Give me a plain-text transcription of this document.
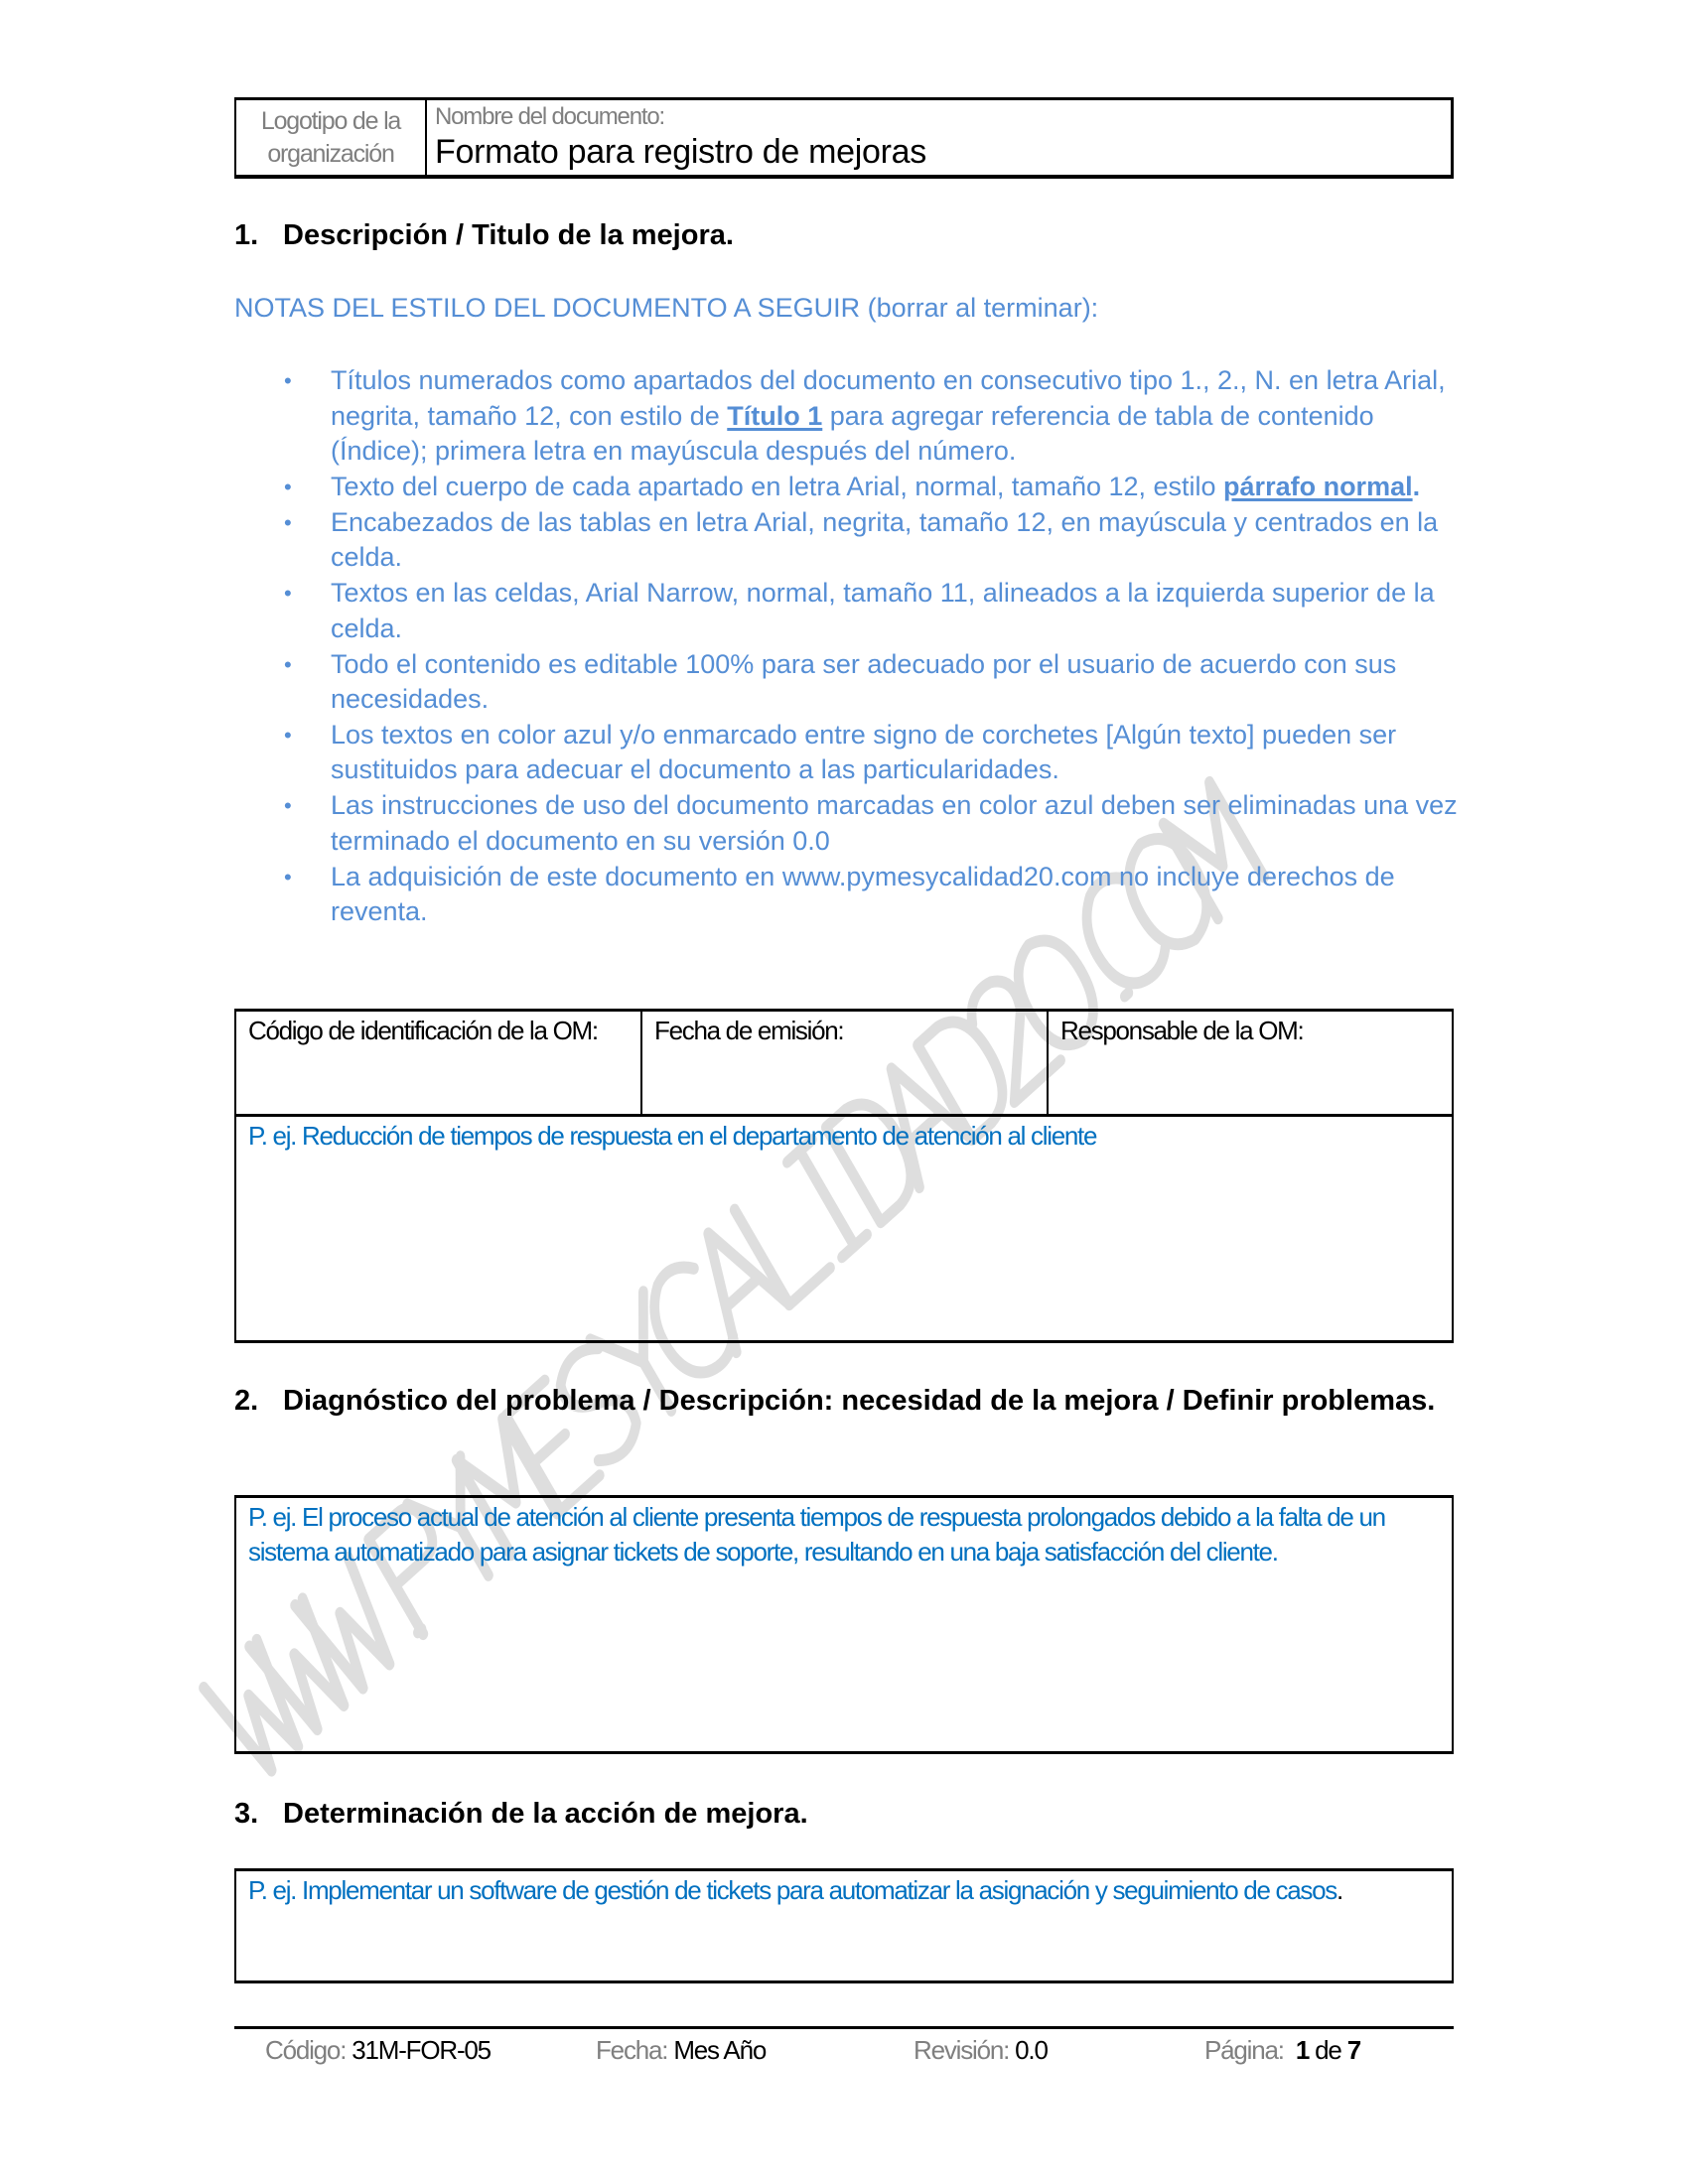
Logotipo de la
organización
Nombre del documento:
Formato para registro de mejoras
1. Descripción / Titulo de la mejora.
NOTAS DEL ESTILO DEL DOCUMENTO A SEGUIR (borrar al terminar):
• Títulos numerados como apartados del documento en consecutivo tipo 1., 2., N. en letra Arial, negrita, tamaño 12, con estilo de Título 1 para agregar referencia de tabla de contenido (Índice); primera letra en mayúscula después del número.
• Texto del cuerpo de cada apartado en letra Arial, normal, tamaño 12, estilo párrafo normal.
• Encabezados de las tablas en letra Arial, negrita, tamaño 12, en mayúscula y centrados en la celda.
• Textos en las celdas, Arial Narrow, normal, tamaño 11, alineados a la izquierda superior de la celda.
• Todo el contenido es editable 100% para ser adecuado por el usuario de acuerdo con sus necesidades.
• Los textos en color azul y/o enmarcado entre signo de corchetes [Algún texto] pueden ser sustituidos para adecuar el documento a las particularidades.
• Las instrucciones de uso del documento marcadas en color azul deben ser eliminadas una vez terminado el documento en su versión 0.0
• La adquisición de este documento en www.pymesycalidad20.com no incluye derechos de reventa.
Código de identificación de la OM:	Fecha de emisión:	Responsable de la OM:
P. ej. Reducción de tiempos de respuesta en el departamento de atención al cliente
2. Diagnóstico del problema / Descripción: necesidad de la mejora / Definir problemas.
P. ej. El proceso actual de atención al cliente presenta tiempos de respuesta prolongados debido a la falta de un sistema automatizado para asignar tickets de soporte, resultando en una baja satisfacción del cliente.
3. Determinación de la acción de mejora.
P. ej. Implementar un software de gestión de tickets para automatizar la asignación y seguimiento de casos.
Código: 31M-FOR-05	Fecha: Mes Año	Revisión: 0.0	Página: 1 de 7
